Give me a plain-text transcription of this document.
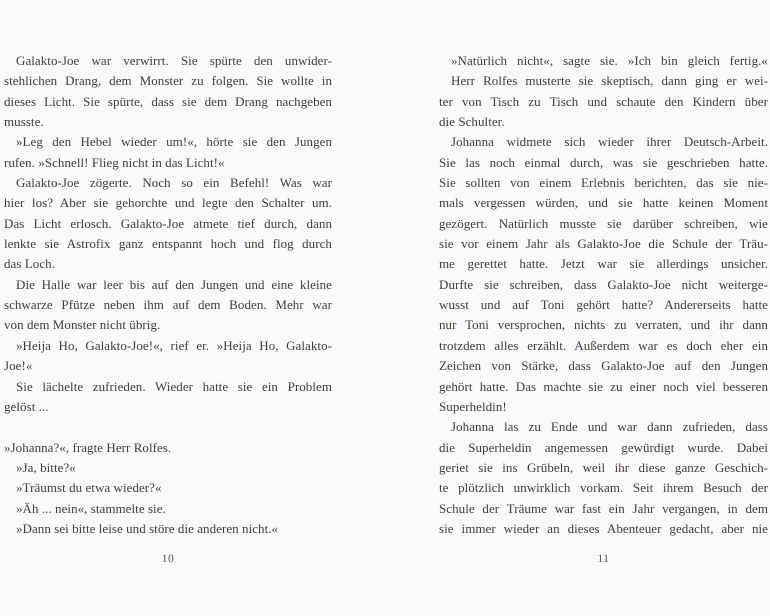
Galakto-Joe war verwirrt. Sie spürte den unwider-
stehlichen Drang, dem Monster zu folgen. Sie wollte in
dieses Licht. Sie spürte, dass sie dem Drang nachgeben
musste.
»Leg den Hebel wieder um!«, hörte sie den Jungen
rufen. »Schnell! Flieg nicht in das Licht!«
Galakto-Joe zögerte. Noch so ein Befehl! Was war
hier los? Aber sie gehorchte und legte den Schalter um.
Das Licht erlosch. Galakto-Joe atmete tief durch, dann
lenkte sie Astrofix ganz entspannt hoch und flog durch
das Loch.
Die Halle war leer bis auf den Jungen und eine kleine
schwarze Pfütze neben ihm auf dem Boden. Mehr war
von dem Monster nicht übrig.
»Heija Ho, Galakto-Joe!«, rief er. »Heija Ho, Galakto-
Joe!«
Sie lächelte zufrieden. Wieder hatte sie ein Problem
gelöst ...
»Johanna?«, fragte Herr Rolfes.
»Ja, bitte?«
»Träumst du etwa wieder?«
»Äh ... nein«, stammelte sie.
»Dann sei bitte leise und störe die anderen nicht.«
10
»Natürlich nicht«, sagte sie. »Ich bin gleich fertig.«
Herr Rolfes musterte sie skeptisch, dann ging er wei-
ter von Tisch zu Tisch und schaute den Kindern über
die Schulter.
Johanna widmete sich wieder ihrer Deutsch-Arbeit.
Sie las noch einmal durch, was sie geschrieben hatte.
Sie sollten von einem Erlebnis berichten, das sie nie-
mals vergessen würden, und sie hatte keinen Moment
gezögert. Natürlich musste sie darüber schreiben, wie
sie vor einem Jahr als Galakto-Joe die Schule der Träu-
me gerettet hatte. Jetzt war sie allerdings unsicher.
Durfte sie schreiben, dass Galakto-Joe nicht weiterge-
wusst und auf Toni gehört hatte? Andererseits hatte
nur Toni versprochen, nichts zu verraten, und ihr dann
trotzdem alles erzählt. Außerdem war es doch eher ein
Zeichen von Stärke, dass Galakto-Joe auf den Jungen
gehört hatte. Das machte sie zu einer noch viel besseren
Superheldin!
Johanna las zu Ende und war dann zufrieden, dass
die Superheldin angemessen gewürdigt wurde. Dabei
geriet sie ins Grübeln, weil ihr diese ganze Geschich-
te plötzlich unwirklich vorkam. Seit ihrem Besuch der
Schule der Träume war fast ein Jahr vergangen, in dem
sie immer wieder an dieses Abenteuer gedacht, aber nie
11
